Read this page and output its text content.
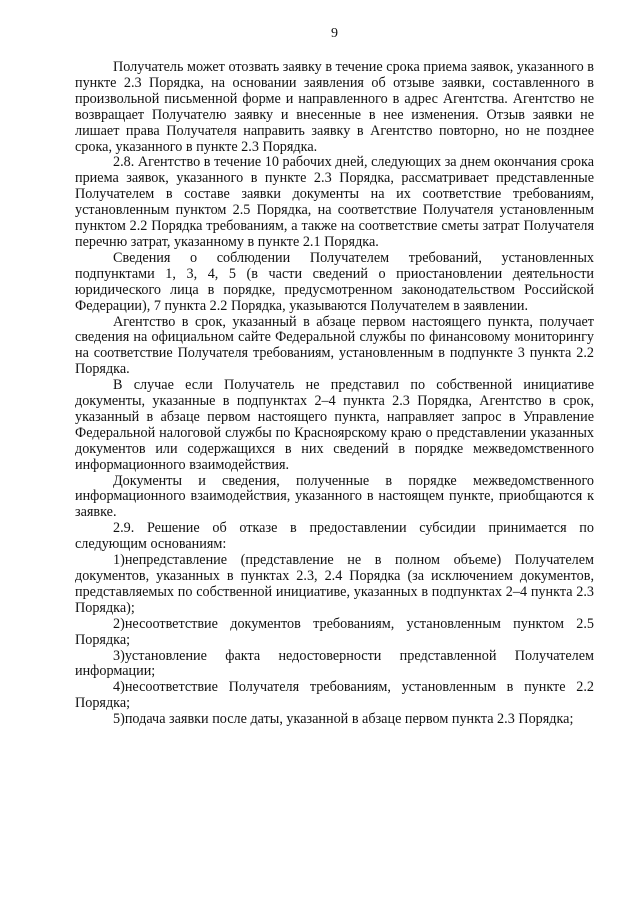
9

Получатель может отозвать заявку в течение срока приема заявок, указанного в пункте 2.3 Порядка, на основании заявления об отзыве заявки, составленного в произвольной письменной форме и направленного в адрес Агентства. Агентство не возвращает Получателю заявку и внесенные в нее изменения. Отзыв заявки не лишает права Получателя направить заявку в Агентство повторно, но не позднее срока, указанного в пункте 2.3 Порядка.

2.8. Агентство в течение 10 рабочих дней, следующих за днем окончания срока приема заявок, указанного в пункте 2.3 Порядка, рассматривает представленные Получателем в составе заявки документы на их соответствие требованиям, установленным пунктом 2.5 Порядка, на соответствие Получателя установленным пунктом 2.2 Порядка требованиям, а также на соответствие сметы затрат Получателя перечню затрат, указанному в пункте 2.1 Порядка.

Сведения о соблюдении Получателем требований, установленных подпунктами 1, 3, 4, 5 (в части сведений о приостановлении деятельности юридического лица в порядке, предусмотренном законодательством Российской Федерации), 7 пункта 2.2 Порядка, указываются Получателем в заявлении.

Агентство в срок, указанный в абзаце первом настоящего пункта, получает сведения на официальном сайте Федеральной службы по финансовому мониторингу на соответствие Получателя требованиям, установленным в подпункте 3 пункта 2.2 Порядка.

В случае если Получатель не представил по собственной инициативе документы, указанные в подпунктах 2–4 пункта 2.3 Порядка, Агентство в срок, указанный в абзаце первом настоящего пункта, направляет запрос в Управление Федеральной налоговой службы по Красноярскому краю о представлении указанных документов или содержащихся в них сведений в порядке межведомственного информационного взаимодействия.

Документы и сведения, полученные в порядке межведомственного информационного взаимодействия, указанного в настоящем пункте, приобщаются к заявке.

2.9. Решение об отказе в предоставлении субсидии принимается по следующим основаниям:

1)непредставление (представление не в полном объеме) Получателем документов, указанных в пунктах 2.3, 2.4 Порядка (за исключением документов, представляемых по собственной инициативе, указанных в подпунктах 2–4 пункта 2.3 Порядка);

2)несоответствие документов требованиям, установленным пунктом 2.5 Порядка;

3)установление факта недостоверности представленной Получателем информации;

4)несоответствие Получателя требованиям, установленным в пункте 2.2 Порядка;

5)подача заявки после даты, указанной в абзаце первом пункта 2.3 Порядка;
